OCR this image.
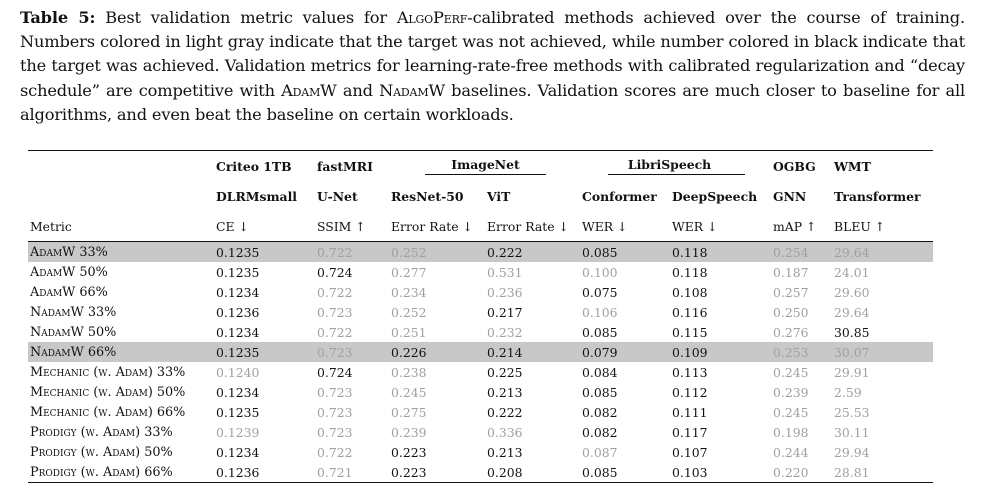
Table 5: Best validation metric values for AlgoPerf-calibrated methods achieved over the course of training. Numbers colored in light gray indicate that the target was not achieved, while number colored in black indicate that the target was achieved. Validation metrics for learning-rate-free methods with calibrated regularization and “decay schedule” are competitive with AdamW and NadamW baselines. Validation scores are much closer to baseline for all algorithms, and even beat the baseline on certain workloads.
	Criteo 1TB	fastMRI	ImageNet		LibriSpeech		OGBG	WMT
	DLRMsmall	U-Net	ResNet-50	ViT	Conformer	DeepSpeech	GNN	Transformer
Metric	CE ↓	SSIM ↑	Error Rate ↓	Error Rate ↓	WER ↓	WER ↓	mAP ↑	BLEU ↑
AdamW 33%	0.1235	0.722	0.252	0.222	0.085	0.118	0.254	29.64
AdamW 50%	0.1235	0.724	0.277	0.531	0.100	0.118	0.187	24.01
AdamW 66%	0.1234	0.722	0.234	0.236	0.075	0.108	0.257	29.60
NadamW 33%	0.1236	0.723	0.252	0.217	0.106	0.116	0.250	29.64
NadamW 50%	0.1234	0.722	0.251	0.232	0.085	0.115	0.276	30.85
NadamW 66%	0.1235	0.723	0.226	0.214	0.079	0.109	0.253	30.07
Mechanic (w. Adam) 33%	0.1240	0.724	0.238	0.225	0.084	0.113	0.245	29.91
Mechanic (w. Adam) 50%	0.1234	0.723	0.245	0.213	0.085	0.112	0.239	2.59
Mechanic (w. Adam) 66%	0.1235	0.723	0.275	0.222	0.082	0.111	0.245	25.53
Prodigy (w. Adam) 33%	0.1239	0.723	0.239	0.336	0.082	0.117	0.198	30.11
Prodigy (w. Adam) 50%	0.1234	0.722	0.223	0.213	0.087	0.107	0.244	29.94
Prodigy (w. Adam) 66%	0.1236	0.721	0.223	0.208	0.085	0.103	0.220	28.81
